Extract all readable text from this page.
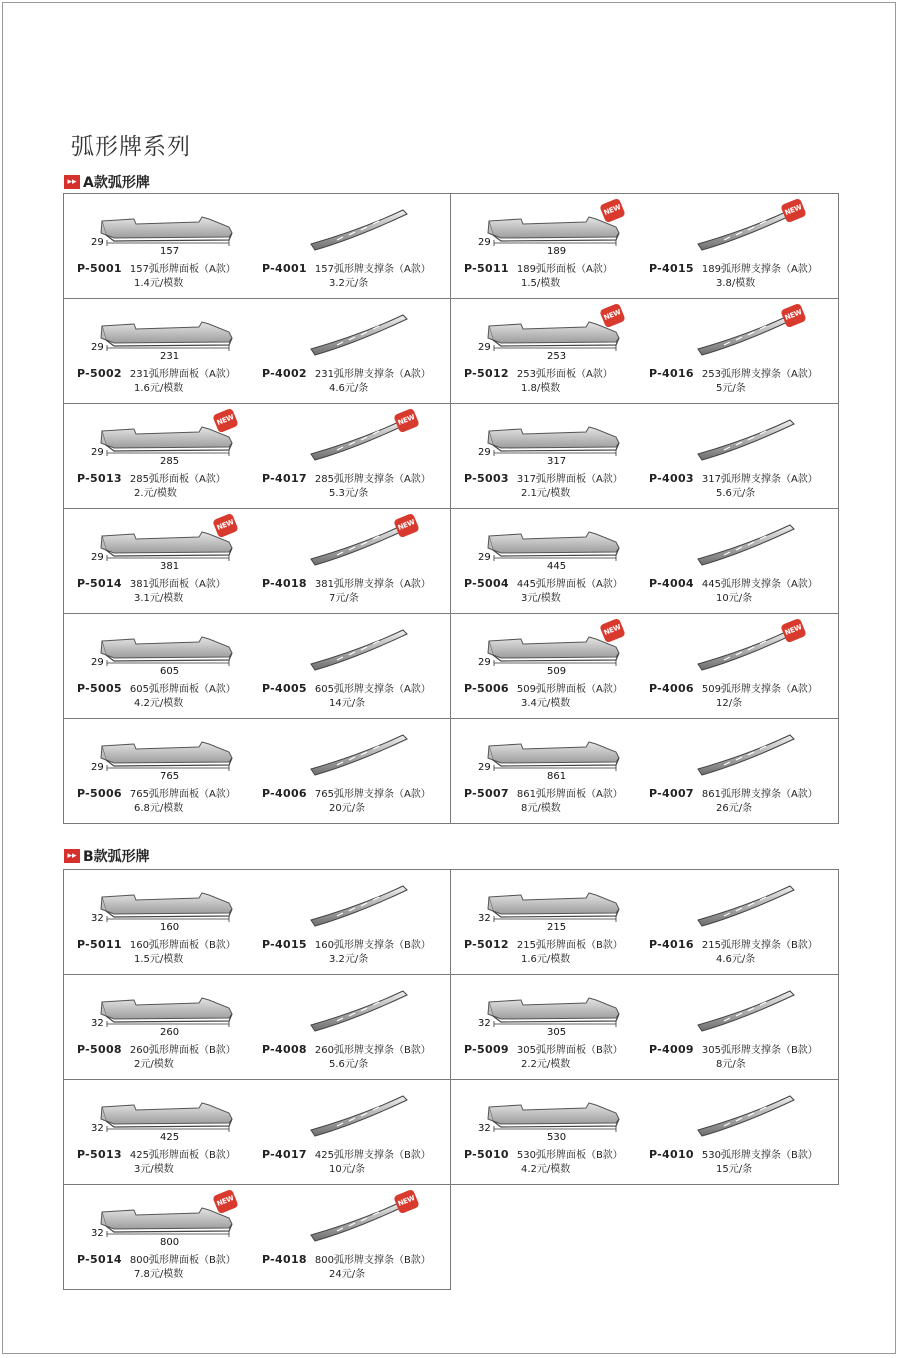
弧形牌系列
▸▸ A款弧形牌
29
157
P-5001 157弧形牌面板（A款）
1.4元/模数
P-4001 157弧形牌支撑条（A款）
3.2元/条
29
189
NEW	NEW
P-5011 189弧形面板（A款）
1.5/模数
P-4015 189弧形牌支撑条（A款）
3.8/模数
29
231
P-5002 231弧形牌面板（A款）
1.6元/模数
P-4002 231弧形牌支撑条（A款）
4.6元/条
29
253
NEW	NEW
P-5012 253弧形面板（A款）
1.8/模数
P-4016 253弧形牌支撑条（A款）
5元/条
29
285
NEW	NEW
P-5013 285弧形面板（A款）
2.元/模数
P-4017 285弧形牌支撑条（A款）
5.3元/条
29
317
P-5003 317弧形牌面板（A款）
2.1元/模数
P-4003 317弧形牌支撑条（A款）
5.6元/条
29
381
NEW	NEW
P-5014 381弧形面板（A款）
3.1元/模数
P-4018 381弧形牌支撑条（A款）
7元/条
29
445
P-5004 445弧形牌面板（A款）
3元/模数
P-4004 445弧形牌支撑条（A款）
10元/条
29
605
P-5005 605弧形牌面板（A款）
4.2元/模数
P-4005 605弧形牌支撑条（A款）
14元/条
29
509
NEW	NEW
P-5006 509弧形牌面板（A款）
3.4元/模数
P-4006 509弧形牌支撑条（A款）
12/条
29
765
P-5006 765弧形牌面板（A款）
6.8元/模数
P-4006 765弧形牌支撑条（A款）
20元/条
29
861
P-5007 861弧形牌面板（A款）
8元/模数
P-4007 861弧形牌支撑条（A款）
26元/条
▸▸ B款弧形牌
32
160
P-5011 160弧形牌面板（B款）
1.5元/模数
P-4015 160弧形牌支撑条（B款）
3.2元/条
32
215
P-5012 215弧形牌面板（B款）
1.6元/模数
P-4016 215弧形牌支撑条（B款）
4.6元/条
32
260
P-5008 260弧形牌面板（B款）
2元/模数
P-4008 260弧形牌支撑条（B款）
5.6元/条
32
305
P-5009 305弧形牌面板（B款）
2.2元/模数
P-4009 305弧形牌支撑条（B款）
8元/条
32
425
P-5013 425弧形牌面板（B款）
3元/模数
P-4017 425弧形牌支撑条（B款）
10元/条
32
530
P-5010 530弧形牌面板（B款）
4.2元/模数
P-4010 530弧形牌支撑条（B款）
15元/条
32
800
NEW	NEW
P-5014 800弧形牌面板（B款）
7.8元/模数
P-4018 800弧形牌支撑条（B款）
24元/条
